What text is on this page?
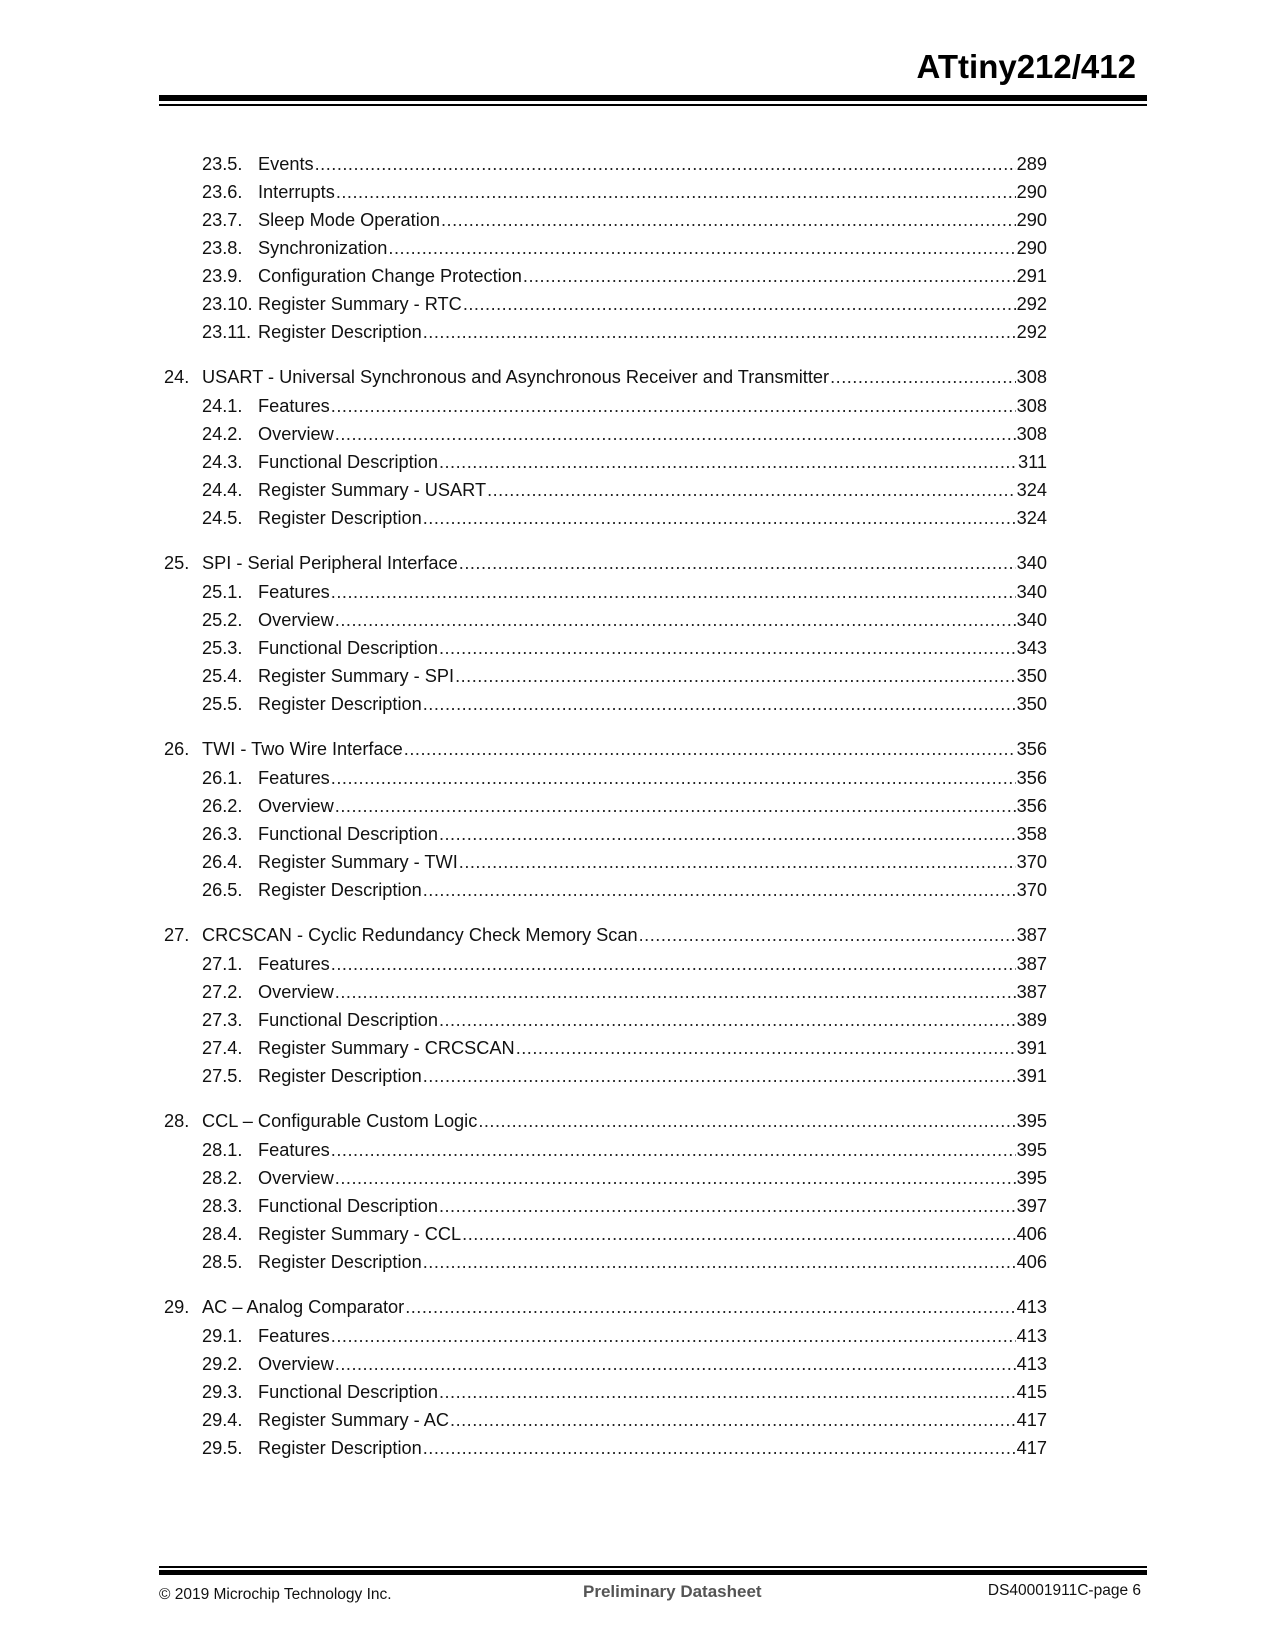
ATtiny212/412
23.5. Events .....	289
23.6. Interrupts .....	290
23.7. Sleep Mode Operation .....	290
23.8. Synchronization .....	290
23.9. Configuration Change Protection .....	291
23.10. Register Summary - RTC .....	292
23.11. Register Description .....	292
24. USART - Universal Synchronous and Asynchronous Receiver and Transmitter .....	308
24.1. Features .....	308
24.2. Overview .....	308
24.3. Functional Description .....	311
24.4. Register Summary - USART .....	324
24.5. Register Description .....	324
25. SPI - Serial Peripheral Interface .....	340
25.1. Features .....	340
25.2. Overview .....	340
25.3. Functional Description .....	343
25.4. Register Summary - SPI .....	350
25.5. Register Description .....	350
26. TWI - Two Wire Interface .....	356
26.1. Features .....	356
26.2. Overview .....	356
26.3. Functional Description .....	358
26.4. Register Summary - TWI .....	370
26.5. Register Description .....	370
27. CRCSCAN - Cyclic Redundancy Check Memory Scan .....	387
27.1. Features .....	387
27.2. Overview .....	387
27.3. Functional Description .....	389
27.4. Register Summary - CRCSCAN .....	391
27.5. Register Description .....	391
28. CCL – Configurable Custom Logic .....	395
28.1. Features .....	395
28.2. Overview .....	395
28.3. Functional Description .....	397
28.4. Register Summary - CCL .....	406
28.5. Register Description .....	406
29. AC – Analog Comparator .....	413
29.1. Features .....	413
29.2. Overview .....	413
29.3. Functional Description .....	415
29.4. Register Summary - AC .....	417
29.5. Register Description .....	417
© 2019 Microchip Technology Inc.	Preliminary Datasheet	DS40001911C-page 6
